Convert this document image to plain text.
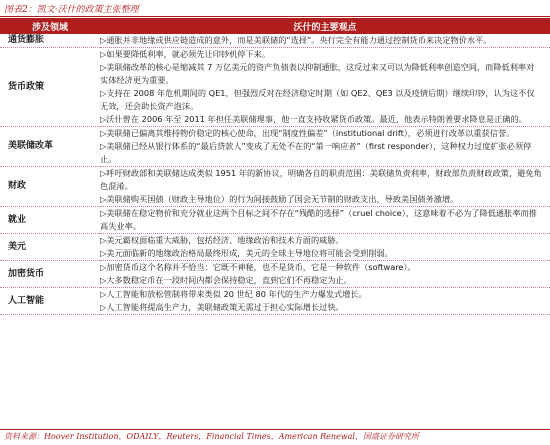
图表2：凯文·沃什的政策主张整理
涉及领域	沃什的主要观点
通货膨胀	▷通胀并非地缘或供应链造成的意外，而是美联储的“选择”。央行完全有能力通过控制货币来决定物价水平。

货币政策	▷如果要降低利率，就必须先让印钞机停下来。
▷美联储改革的核心是缩减其 7 万亿美元的资产负债表以抑制通胀，这反过来又可以为降低利率创造空间，而降低利率对实体经济更为重要。
▷支持在 2008 年危机期间的 QE1，但强烈反对在经济稳定时期（如 QE2、QE3 以及疫情后期）继续印钞，认为这不仅无效，还会助长资产泡沫。
▷沃什曾在 2006 年至 2011 年担任美联储理事，他一直支持收紧货币政策。最近，他表示特朗普要求降息是正确的。

美联储改革	▷美联储已偏离其维持物价稳定的核心使命，出现“制度性偏差”（institutional drift），必须进行改革以重获信誉。
▷美联储已经从银行体系的“最后贷款人”变成了无处不在的“第一响应者”（first responder），这种权力过度扩张必须停止。

财政	▷呼吁财政部和美联储达成类似 1951 年的新协议，明确各自的职责范围：美联储负责利率，财政部负责财政政策，避免角色混淆。
▷美联储购买国债（财政主导地位）的行为间接鼓励了国会无节制的财政支出，导致美国债务激增。

就业	▷美联储在稳定物价和充分就业这两个目标之间不存在“残酷的选择”（cruel choice），这意味着不必为了降低通胀率而推高失业率。

美元	▷美元霸权面临重大威胁，包括经济、地缘政治和技术方面的威胁。
▷美元面临新的地缘政治格局最终形成，美元的全球主导地位将可能会受到削弱。

加密货币	▷加密货币这个名称并不恰当：它既不神秘，也不是货币，它是一种软件（software）。
▷大多数稳定币在一段时间内都会保持稳定，直到它们不再稳定为止。

人工智能	▷人工智能和放松管制将带来类似 20 世纪 80 年代的生产力爆发式增长。
▷人工智能将提高生产力，美联储政策无需过于担心实际增长过快。
资料来源：Hoover Institution，ODAILY，Reuters，Financial Times，American Renewal，国盛证券研究所
